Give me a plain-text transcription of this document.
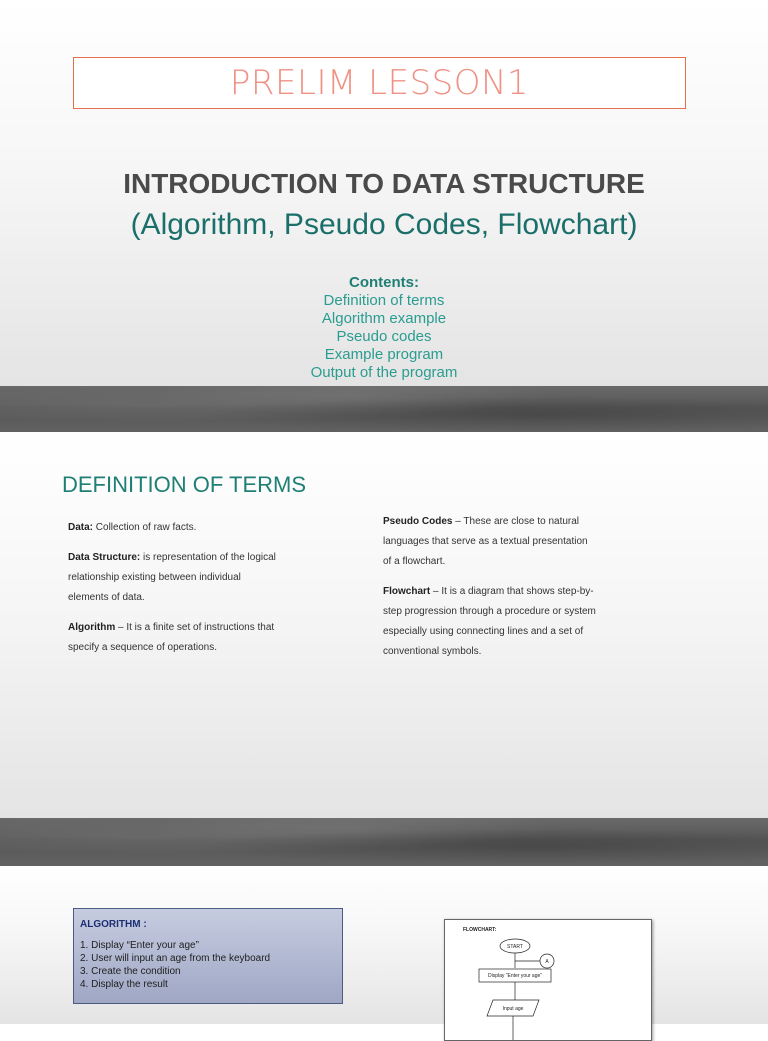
PRELIM LESSON1
INTRODUCTION TO DATA STRUCTURE
(Algorithm, Pseudo Codes, Flowchart)
Contents:
Definition of terms
Algorithm example
Pseudo codes
Example program
Output of the program
DEFINITION OF TERMS

Data: Collection of raw facts.

Data Structure: is representation of the logical relationship existing between individual elements of data.

Algorithm – It is a finite set of instructions that specify a sequence of operations.

Pseudo Codes – These are close to natural languages that serve as a textual presentation of a flowchart.

Flowchart – It is a diagram that shows step-by-step progression through a procedure or system especially using connecting lines and a set of conventional symbols.

ALGORITHM :
1. Display “Enter your age”
2. User will input an age from the keyboard
3. Create the condition
4. Display the result
FLOWCHART:
START
A
Display “Enter your age”
Input age
